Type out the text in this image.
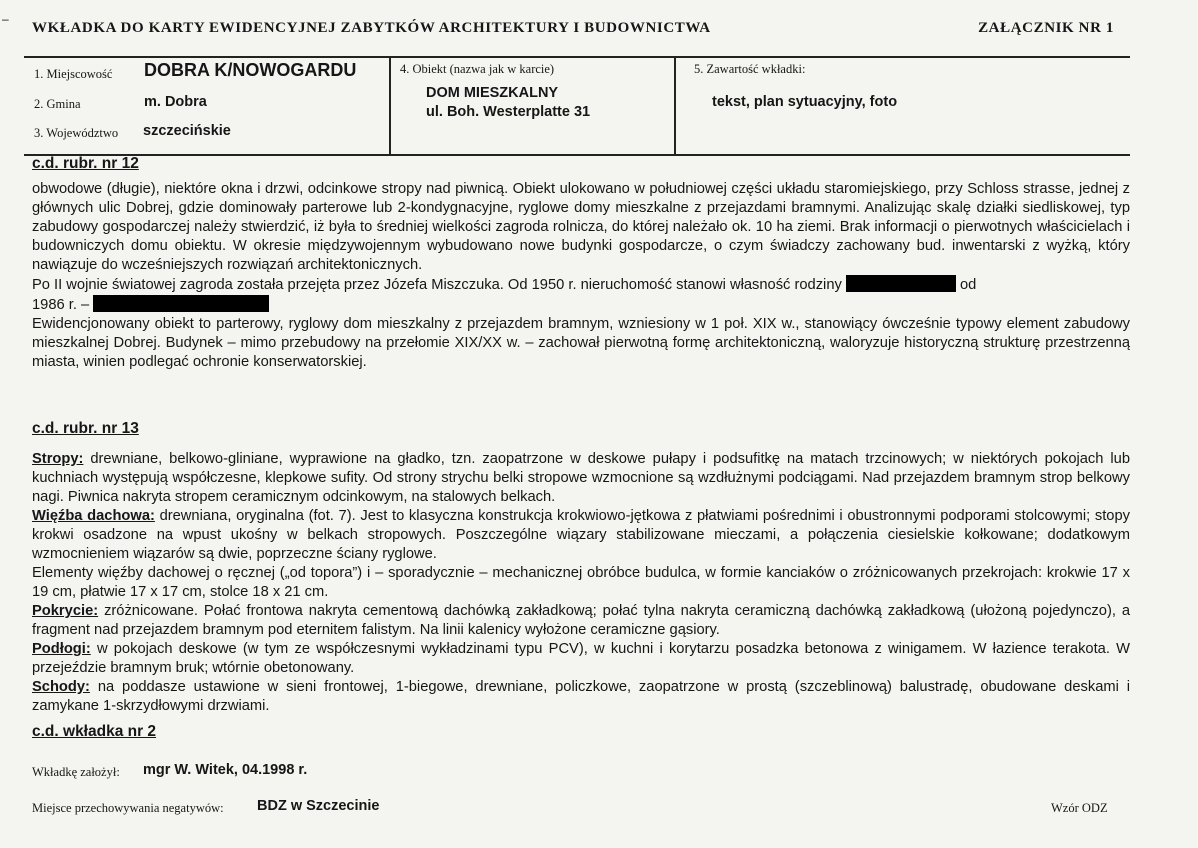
–
WKŁADKA DO KARTY EWIDENCYJNEJ ZABYTKÓW ARCHITEKTURY I BUDOWNICTWA	ZAŁĄCZNIK NR 1
1. Miejscowość DOBRA K/NOWOGARDU
2. Gmina	m. Dobra
3. Województwo szczecińskie
4. Obiekt (nazwa jak w karcie)
DOM MIESZKALNY
ul. Boh. Westerplatte 31
5. Zawartość wkładki:
tekst, plan sytuacyjny, foto
c.d. rubr. nr 12

obwodowe (długie), niektóre okna i drzwi, odcinkowe stropy nad piwnicą. Obiekt ulokowano w południowej części układu staromiejskiego, przy Schloss strasse, jednej z głównych ulic Dobrej, gdzie dominowały parterowe lub 2-kondygnacyjne, ryglowe domy mieszkalne z przejazdami bramnymi. Analizując skalę działki siedliskowej, typ zabudowy gospodarczej należy stwierdzić, iż była to średniej wielkości zagroda rolnicza, do której należało ok. 10 ha ziemi. Brak informacji o pierwotnych właścicielach i budowniczych domu obiektu. W okresie międzywojennym wybudowano nowe budynki gospodarcze, o czym świadczy zachowany bud. inwentarski z wyżką, który nawiązuje do wcześniejszych rozwiązań architektonicznych.

Po II wojnie światowej zagroda została przejęta przez Józefa Miszczuka. Od 1950 r. nieruchomość stanowi własność rodziny	od
1986 r. –

Ewidencjonowany obiekt to parterowy, ryglowy dom mieszkalny z przejazdem bramnym, wzniesiony w 1 poł. XIX w., stanowiący ówcześnie typowy element zabudowy mieszkalnej Dobrej. Budynek – mimo przebudowy na przełomie XIX/XX w. – zachował pierwotną formę architektoniczną, waloryzuje historyczną strukturę przestrzenną miasta, winien podlegać ochronie konserwatorskiej.

c.d. rubr. nr 13

Stropy: drewniane, belkowo-gliniane, wyprawione na gładko, tzn. zaopatrzone w deskowe pułapy i podsufitkę na matach trzcinowych; w niektórych pokojach lub kuchniach występują współczesne, klepkowe sufity. Od strony strychu belki stropowe wzmocnione są wzdłużnymi podciągami. Nad przejazdem bramnym strop belkowy nagi. Piwnica nakryta stropem ceramicznym odcinkowym, na stalowych belkach.

Więźba dachowa: drewniana, oryginalna (fot. 7). Jest to klasyczna konstrukcja krokwiowo-jętkowa z płatwiami pośrednimi i obustronnymi podporami stolcowymi; stopy krokwi osadzone na wpust ukośny w belkach stropowych. Poszczególne wiązary stabilizowane mieczami, a połączenia ciesielskie kołkowane; dodatkowym wzmocnieniem wiązarów są dwie, poprzeczne ściany ryglowe.

Elementy więźby dachowej o ręcznej („od topora”) i – sporadycznie – mechanicznej obróbce budulca, w formie kanciaków o zróżnicowanych przekrojach: krokwie 17 x 19 cm, płatwie 17 x 17 cm, stolce 18 x 21 cm.

Pokrycie: zróżnicowane. Połać frontowa nakryta cementową dachówką zakładkową; połać tylna nakryta ceramiczną dachówką zakładkową (ułożoną pojedynczo), a fragment nad przejazdem bramnym pod eternitem falistym. Na linii kalenicy wyłożone ceramiczne gąsiory.

Podłogi: w pokojach deskowe (w tym ze współczesnymi wykładzinami typu PCV), w kuchni i korytarzu posadzka betonowa z winigamem. W łazience terakota. W przejeździe bramnym bruk; wtórnie obetonowany.

Schody: na poddasze ustawione w sieni frontowej, 1-biegowe, drewniane, policzkowe, zaopatrzone w prostą (szczeblinową) balustradę, obudowane deskami i zamykane 1-skrzydłowymi drzwiami.

c.d. wkładka nr 2
Wkładkę założył: mgr W. Witek, 04.1998 r.
Miejsce przechowywania negatywów: BDZ w Szczecinie	Wzór ODZ
